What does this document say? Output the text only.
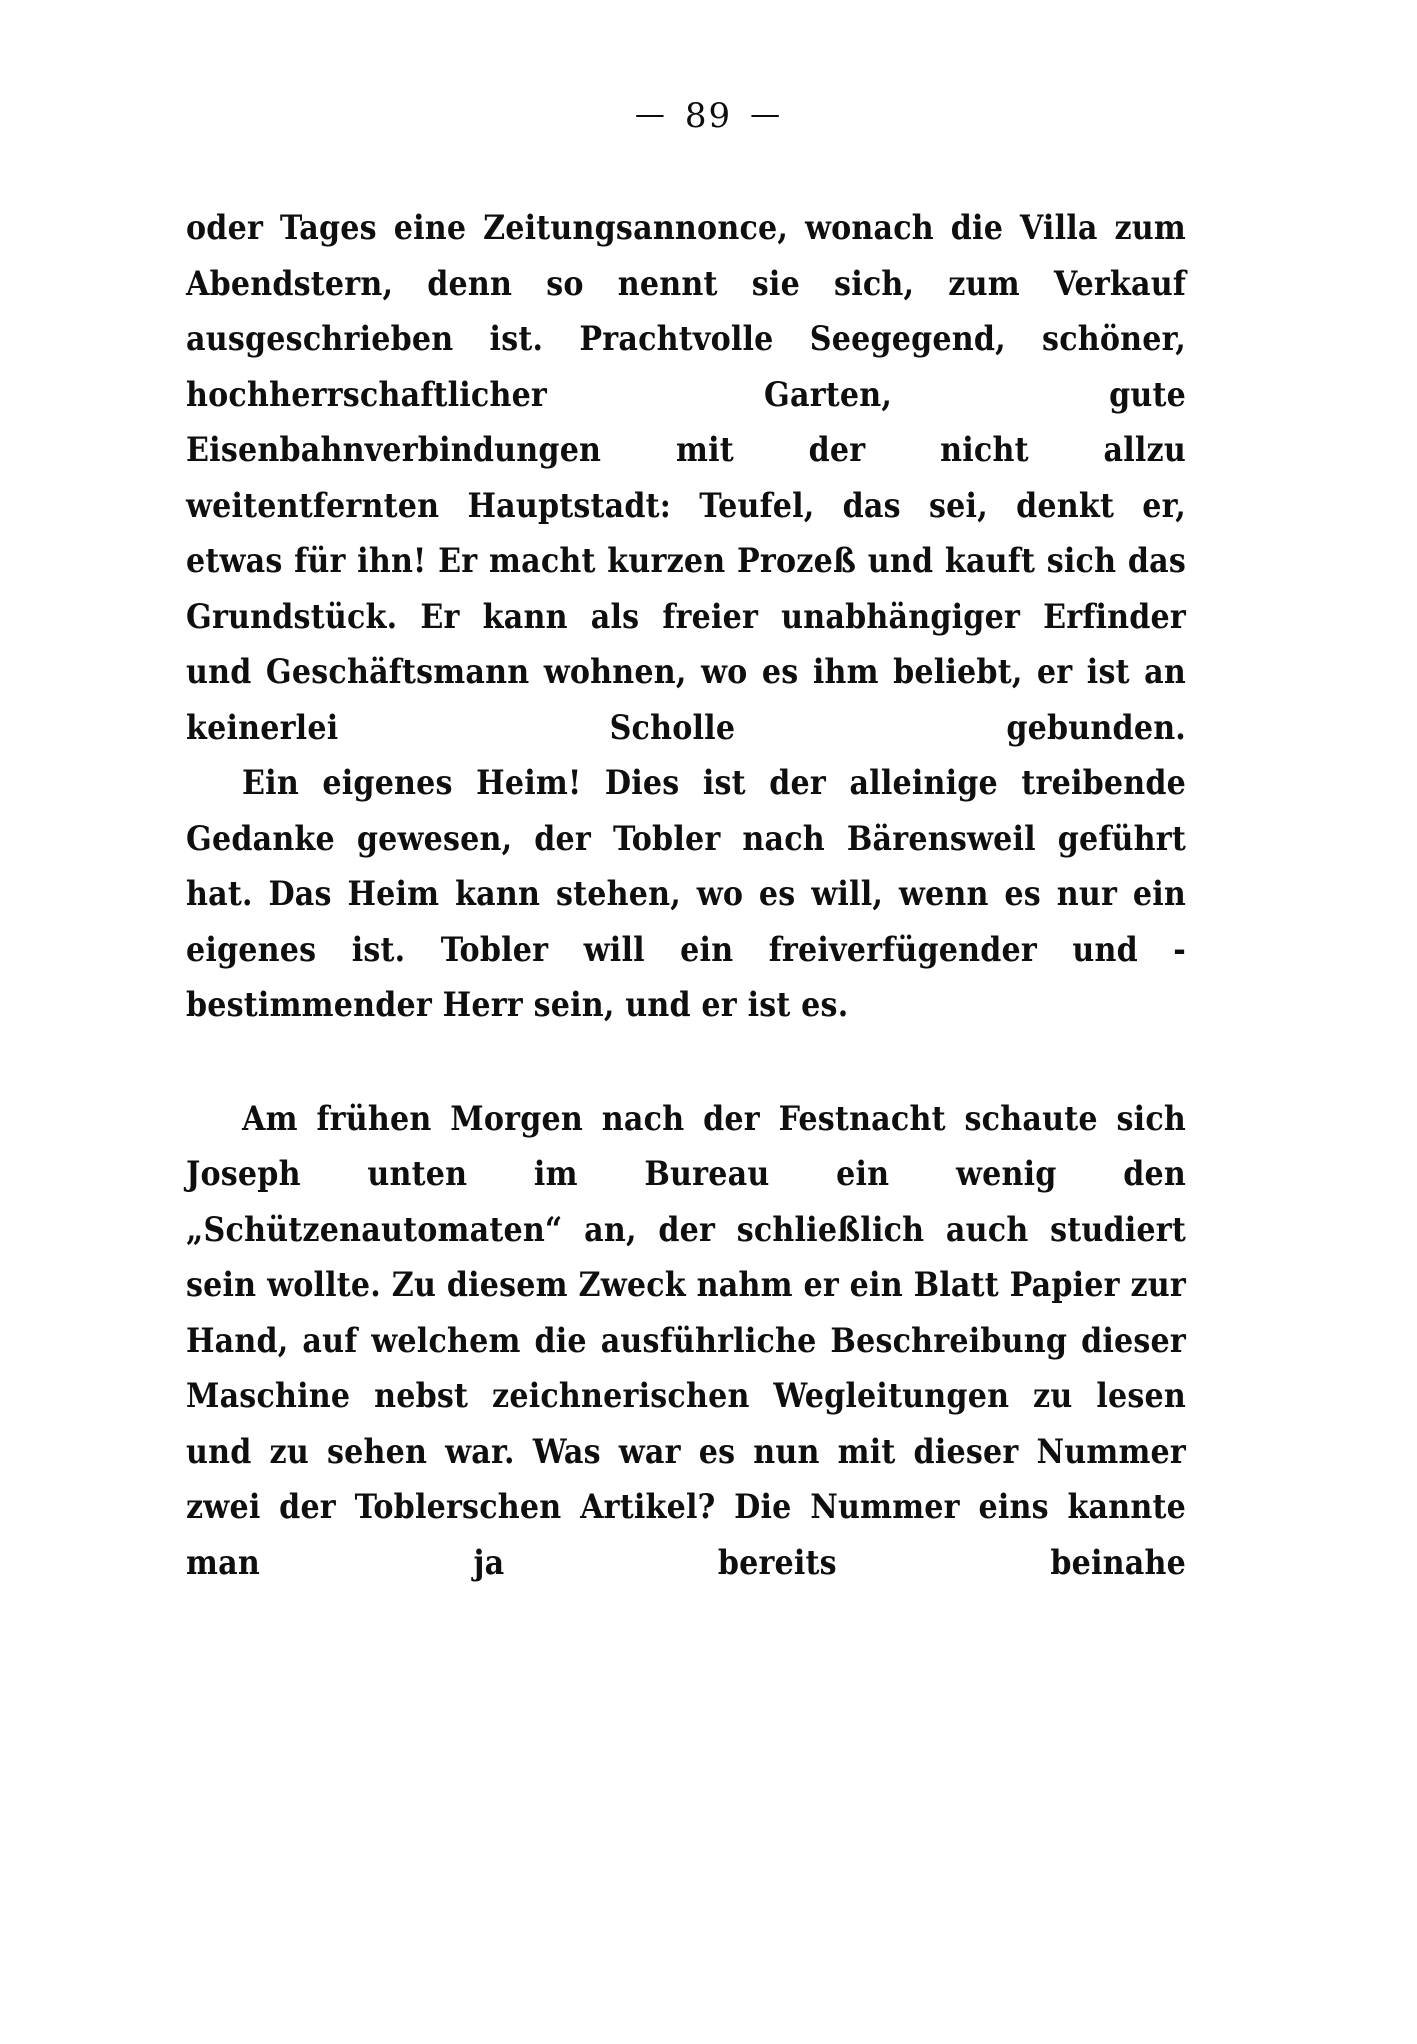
— 89 —

oder Tages eine Zeitungsannonce, wonach die Villa zum Abendstern, denn so nennt sie sich, zum Verkauf ausgeschrieben ist. Prachtvolle Seegegend, schöner, hochherrschaftlicher Garten, gute Eisenbahnverbindungen mit der nicht allzu weitentfernten Hauptstadt: Teufel, das sei, denkt er, etwas für ihn! Er macht kurzen Prozeß und kauft sich das Grundstück. Er kann als freier unabhängiger Erfinder und Geschäftsmann wohnen, wo es ihm beliebt, er ist an keinerlei Scholle gebunden.

Ein eigenes Heim! Dies ist der alleinige treibende Gedanke gewesen, der Tobler nach Bärensweil geführt hat. Das Heim kann stehen, wo es will, wenn es nur ein eigenes ist. Tobler will ein freiverfügender und -bestimmender Herr sein, und er ist es.

Am frühen Morgen nach der Festnacht schaute sich Joseph unten im Bureau ein wenig den „Schützenautomaten“ an, der schließlich auch studiert sein wollte. Zu diesem Zweck nahm er ein Blatt Papier zur Hand, auf welchem die ausführliche Beschreibung dieser Maschine nebst zeichnerischen Wegleitungen zu lesen und zu sehen war. Was war es nun mit dieser Nummer zwei der Toblerschen Artikel? Die Nummer eins kannte man ja bereits beinahe
